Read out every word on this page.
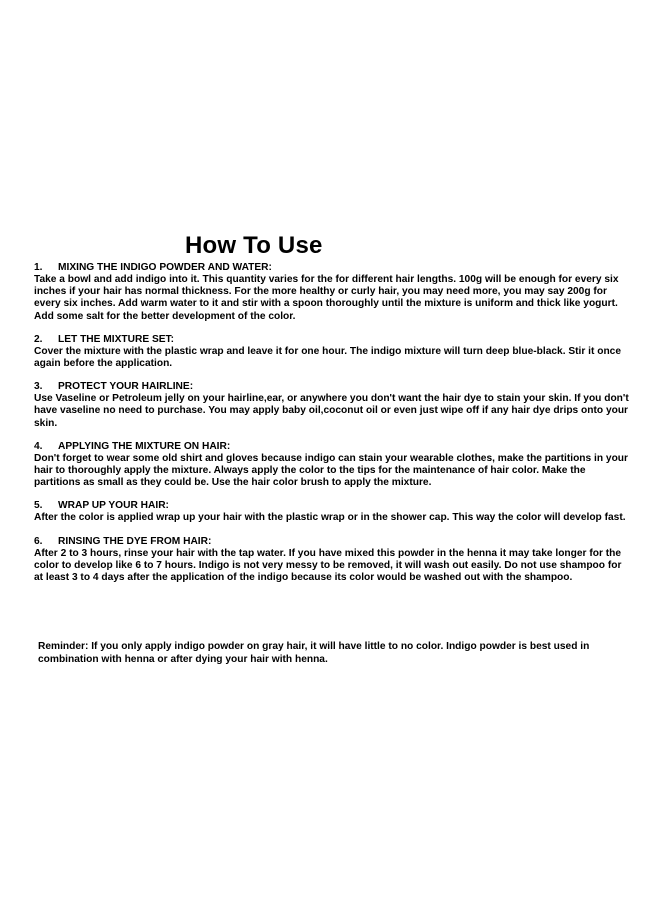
How To Use

1. MIXING THE INDIGO POWDER AND WATER:

Take a bowl and add indigo into it. This quantity varies for the for different hair lengths. 100g will be enough for every six inches if your hair has normal thickness. For the more healthy or curly hair, you may need more, you may say 200g for every six inches. Add warm water to it and stir with a spoon thoroughly until the mixture is uniform and thick like yogurt. Add some salt for the better development of the color.

2. LET THE MIXTURE SET:

Cover the mixture with the plastic wrap and leave it for one hour. The indigo mixture will turn deep blue-black. Stir it once again before the application.

3. PROTECT YOUR HAIRLINE:

Use Vaseline or Petroleum jelly on your hairline,ear, or anywhere you don't want the hair dye to stain your skin. If you don't have vaseline no need to purchase. You may apply baby oil,coconut oil or even just wipe off if any hair dye drips onto your skin.

4. APPLYING THE MIXTURE ON HAIR:

Don't forget to wear some old shirt and gloves because indigo can stain your wearable clothes, make the partitions in your hair to thoroughly apply the mixture. Always apply the color to the tips for the maintenance of hair color. Make the partitions as small as they could be. Use the hair color brush to apply the mixture.

5. WRAP UP YOUR HAIR:

After the color is applied wrap up your hair with the plastic wrap or in the shower cap. This way the color will develop fast.

6. RINSING THE DYE FROM HAIR:

After 2 to 3 hours, rinse your hair with the tap water. If you have mixed this powder in the henna it may take longer for the color to develop like 6 to 7 hours. Indigo is not very messy to be removed, it will wash out easily. Do not use shampoo for at least 3 to 4 days after the application of the indigo because its color would be washed out with the shampoo.

Reminder: If you only apply indigo powder on gray hair, it will have little to no color. Indigo powder is best used in combination with henna or after dying your hair with henna.
